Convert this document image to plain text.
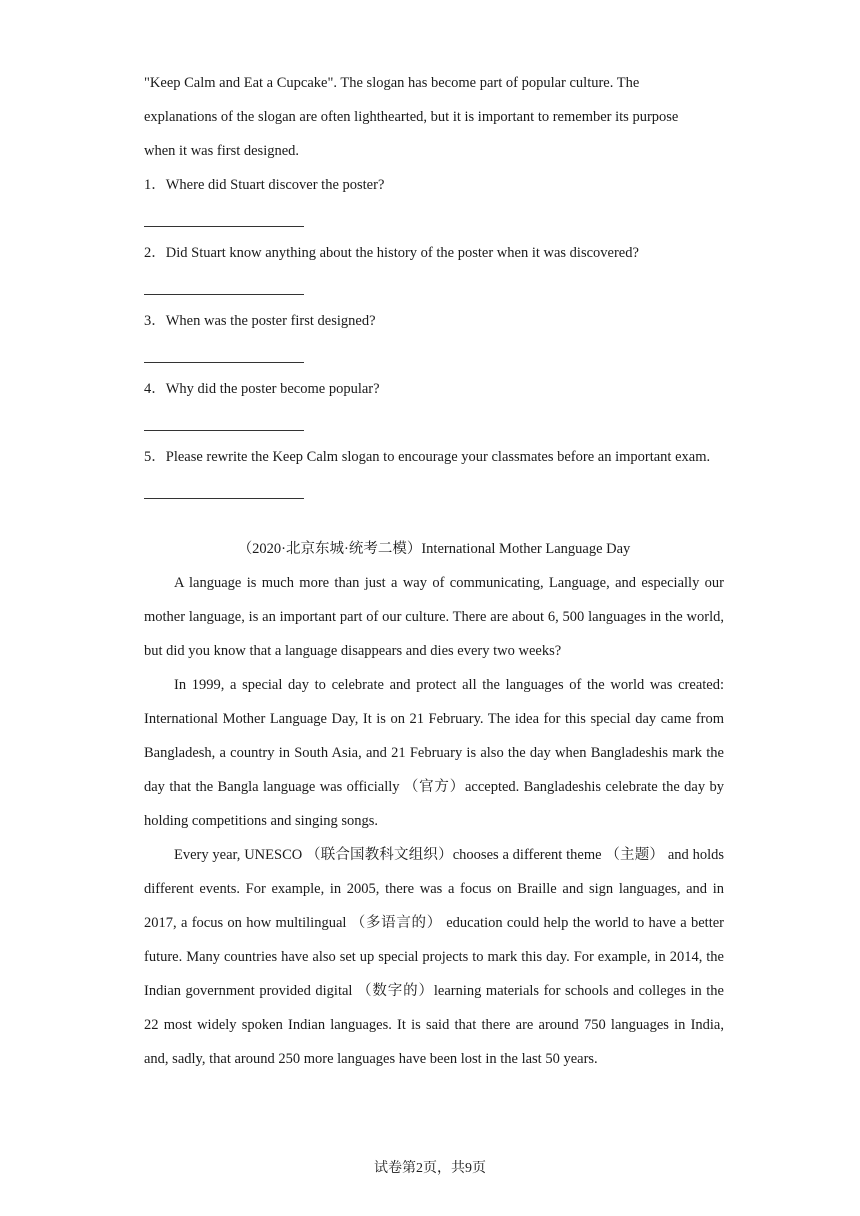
"Keep Calm and Eat a Cupcake". The slogan has become part of popular culture. The
explanations of the slogan are often lighthearted, but it is important to remember its purpose
when it was first designed.
1．Where did Stuart discover the poster?
2．Did Stuart know anything about the history of the poster when it was discovered?
3．When was the poster first designed?
4．Why did the poster become popular?
5．Please rewrite the Keep Calm slogan to encourage your classmates before an important exam.
（2020·北京东城·统考二模）International Mother Language Day

A language is much more than just a way of communicating, Language, and especially our mother language, is an important part of our culture. There are about 6, 500 languages in the world, but did you know that a language disappears and dies every two weeks?

In 1999, a special day to celebrate and protect all the languages of the world was created: International Mother Language Day, It is on 21 February. The idea for this special day came from Bangladesh, a country in South Asia, and 21 February is also the day when Bangladeshis mark the day that the Bangla language was officially （官方）accepted. Bangladeshis celebrate the day by holding competitions and singing songs.

Every year, UNESCO （联合国教科文组织）chooses a different theme （主题） and holds different events. For example, in 2005, there was a focus on Braille and sign languages, and in 2017, a focus on how multilingual （多语言的） education could help the world to have a better future. Many countries have also set up special projects to mark this day. For example, in 2014, the Indian government provided digital （数字的）learning materials for schools and colleges in the 22 most widely spoken Indian languages. It is said that there are around 750 languages in India, and, sadly, that around 250 more languages have been lost in the last 50 years.

试卷第2页，共9页
